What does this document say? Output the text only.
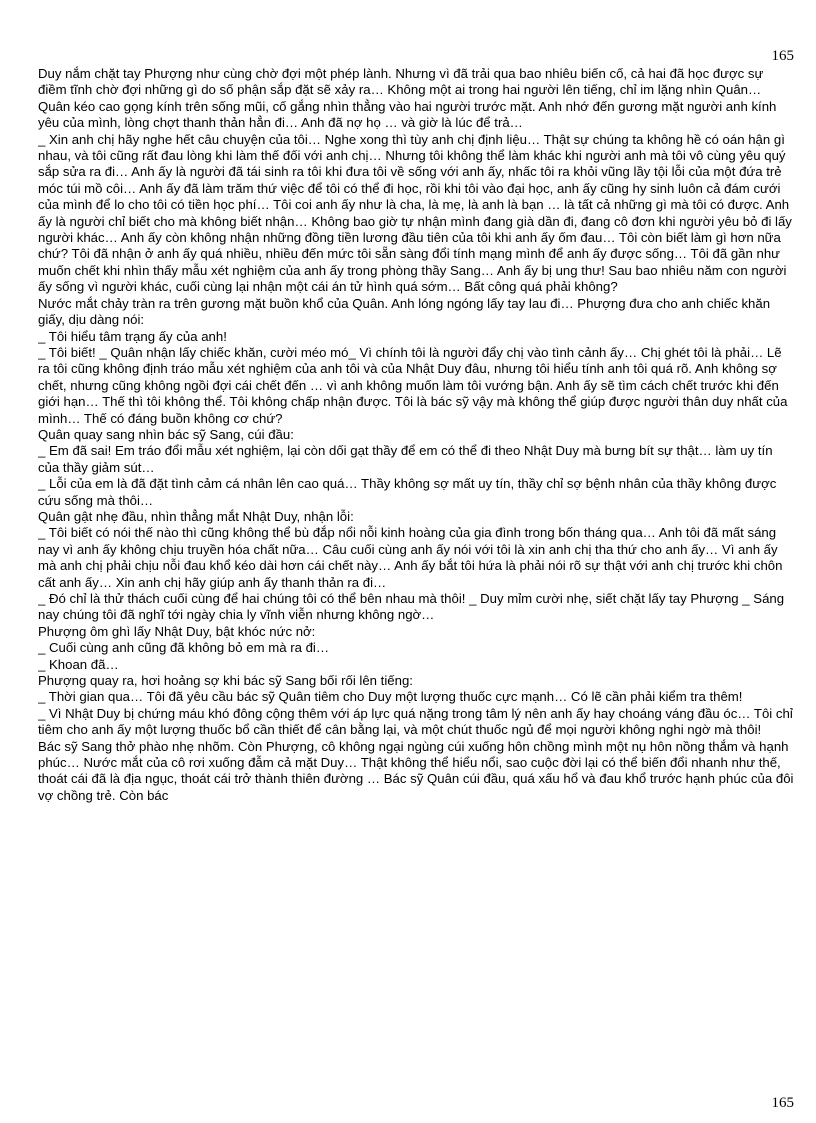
165

Duy nắm chặt tay Phượng như cùng chờ đợi một phép lành. Nhưng vì đã trải qua bao nhiêu biến cố, cả hai đã học được sự điềm tĩnh chờ đợi những gì do số phận sắp đặt sẽ xảy ra… Không một ai trong hai người lên tiếng, chỉ im lặng nhìn Quân…

Quân kéo cao gọng kính trên sống mũi, cố gắng nhìn thẳng vào hai người trước mặt. Anh nhớ đến gương mặt người anh kính yêu của mình, lòng chợt thanh thản hẳn đi… Anh đã nợ họ … và giờ là lúc để trả…

_ Xin anh chị hãy nghe hết câu chuyện của tôi… Nghe xong thì tùy anh chị định liệu… Thật sự chúng ta không hề có oán hận gì nhau, và tôi cũng rất đau lòng khi làm thế đối với anh chị… Nhưng tôi không thể làm khác khi người anh mà tôi vô cùng yêu quý sắp sửa ra đi… Anh ấy là người đã tái sinh ra tôi khi đưa tôi về sống với anh ấy, nhấc tôi ra khỏi vũng lầy tội lỗi của một đứa trẻ móc túi mồ côi… Anh ấy đã làm trăm thứ việc để tôi có thể đi học, rồi khi tôi vào đại học, anh ấy cũng hy sinh luôn cả đám cưới của mình để lo cho tôi có tiền học phí… Tôi coi anh ấy như là cha, là mẹ, là anh là bạn … là tất cả những gì mà tôi có được. Anh ấy là người chỉ biết cho mà không biết nhận… Không bao giờ tự nhận mình đang già dần đi, đang cô đơn khi người yêu bỏ đi lấy người khác… Anh ấy còn không nhận những đồng tiền lương đầu tiên của tôi khi anh ấy ốm đau… Tôi còn biết làm gì hơn nữa chứ? Tôi đã nhận ở anh ấy quá nhiều, nhiều đến mức tôi sẵn sàng đổi tính mạng mình để anh ấy được sống… Tôi đã gần như muốn chết khi nhìn thấy mẫu xét nghiệm của anh ấy trong phòng thầy Sang… Anh ấy bị ung thư! Sau bao nhiêu năm con người ấy sống vì người khác, cuối cùng lại nhận một cái án tử hình quá sớm… Bất công quá phải không?

Nước mắt chảy tràn ra trên gương mặt buồn khổ của Quân. Anh lóng ngóng lấy tay lau đi… Phượng đưa cho anh chiếc khăn giấy, dịu dàng nói:

_ Tôi hiểu tâm trạng ấy của anh!

_ Tôi biết! _ Quân nhận lấy chiếc khăn, cười méo mó_ Vì chính tôi là người đẩy chị vào tình cảnh ấy… Chị ghét tôi là phải… Lẽ ra tôi cũng không định tráo mẫu xét nghiệm của anh tôi và của Nhật Duy đâu, nhưng tôi hiểu tính anh tôi quá rõ. Anh không sợ chết, nhưng cũng không ngồi đợi cái chết đến … vì anh không muốn làm tôi vướng bận. Anh ấy sẽ tìm cách chết trước khi đến giới hạn… Thế thì tôi không thể. Tôi không chấp nhận được. Tôi là bác sỹ vậy mà không thể giúp được người thân duy nhất của mình… Thế có đáng buồn không cơ chứ?

Quân quay sang nhìn bác sỹ Sang, cúi đầu:

_ Em đã sai! Em tráo đổi mẫu xét nghiệm, lại còn dối gạt thầy để em có thể đi theo Nhật Duy mà bưng bít sự thật… làm uy tín của thầy giảm sút…

_ Lỗi của em là đã đặt tình cảm cá nhân lên cao quá… Thầy không sợ mất uy tín, thầy chỉ sợ bệnh nhân của thầy không được cứu sống mà thôi…

Quân gật nhẹ đầu, nhìn thẳng mắt Nhật Duy, nhận lỗi:

_ Tôi biết có nói thế nào thì cũng không thể bù đắp nổi nỗi kinh hoàng của gia đình trong bốn tháng qua… Anh tôi đã mất sáng nay vì anh ấy không chịu truyền hóa chất nữa… Câu cuối cùng anh ấy nói với tôi là xin anh chị tha thứ cho anh ấy… Vì anh ấy mà anh chị phải chịu nỗi đau khổ kéo dài hơn cái chết này… Anh ấy bắt tôi hứa là phải nói rõ sự thật với anh chị trước khi chôn cất anh ấy… Xin anh chị hãy giúp anh ấy thanh thản ra đi…

_ Đó chỉ là thử thách cuối cùng để hai chúng tôi có thể bên nhau mà thôi! _ Duy mỉm cười nhẹ, siết chặt lấy tay Phượng _ Sáng nay chúng tôi đã nghĩ tới ngày chia ly vĩnh viễn nhưng không ngờ…

Phượng ôm ghì lấy Nhật Duy, bật khóc nức nở:

_ Cuối cùng anh cũng đã không bỏ em mà ra đi…

_ Khoan đã…

Phượng quay ra, hơi hoảng sợ khi bác sỹ Sang bối rối lên tiếng:

_ Thời gian qua… Tôi đã yêu cầu bác sỹ Quân tiêm cho Duy một lượng thuốc cực mạnh… Có lẽ cần phải kiểm tra thêm!

_ Vì Nhật Duy bị chứng máu khó đông cộng thêm với áp lực quá nặng trong tâm lý nên anh ấy hay choáng váng đầu óc… Tôi chỉ tiêm cho anh ấy một lượng thuốc bổ cần thiết để cân bằng lại, và một chút thuốc ngủ để mọi người không nghi ngờ mà thôi!

Bác sỹ Sang thở phào nhẹ nhõm. Còn Phượng, cô không ngại ngùng cúi xuống hôn chồng mình một nụ hôn nồng thắm và hạnh phúc… Nước mắt của cô rơi xuống đẫm cả mặt Duy… Thật không thể hiểu nổi, sao cuộc đời lại có thể biến đổi nhanh như thế, thoát cái đã là địa ngục, thoát cái trở thành thiên đường … Bác sỹ Quân cúi đầu, quá xấu hổ và đau khổ trước hạnh phúc của đôi vợ chồng trẻ. Còn bác

165
